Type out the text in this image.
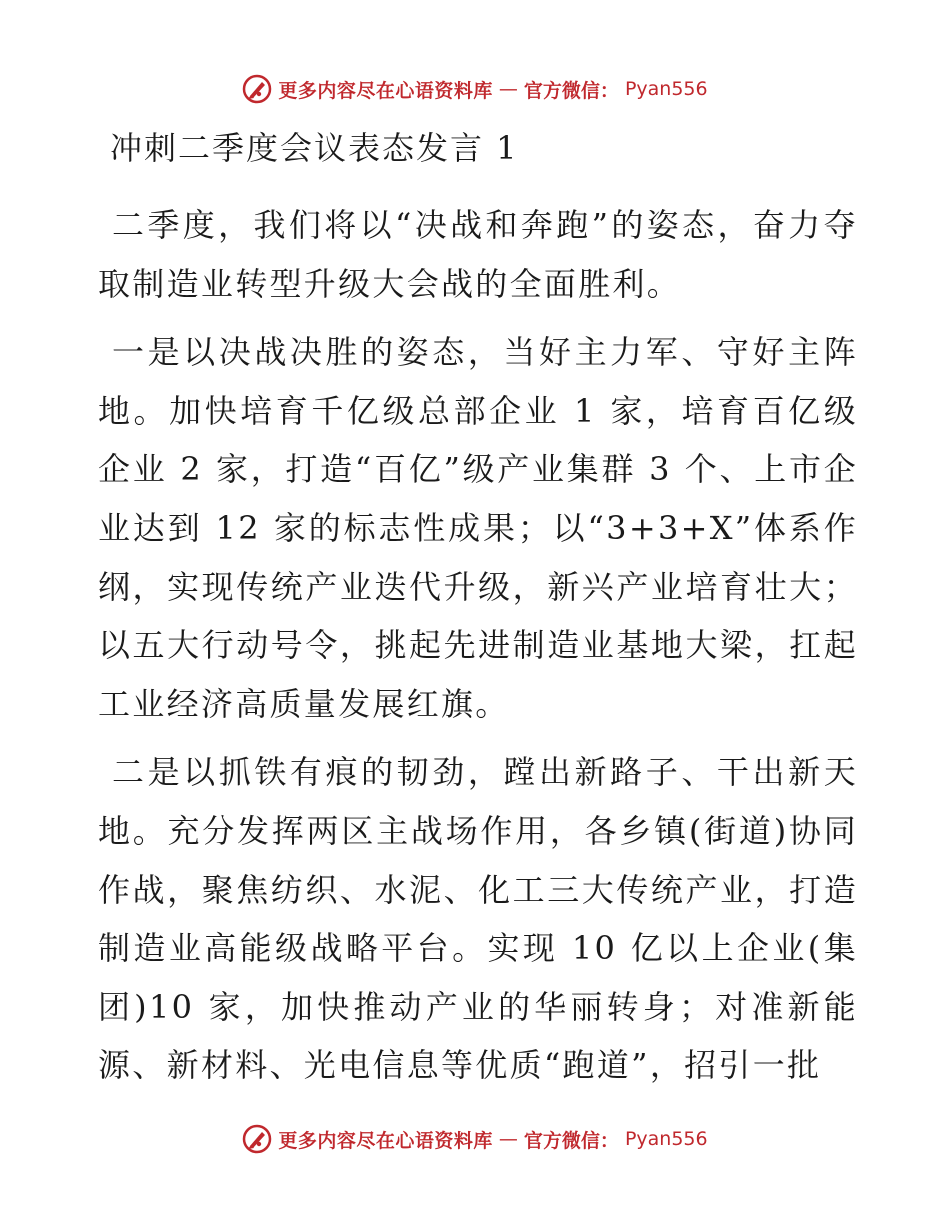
更多内容尽在心语资料库 — 官方微信： Pyan556
冲刺二季度会议表态发言 1

二季度，我们将以“决战和奔跑”的姿态，奋力夺取制造业转型升级大会战的全面胜利。

一是以决战决胜的姿态，当好主力军、守好主阵地。加快培育千亿级总部企业 1 家，培育百亿级企业 2 家，打造“百亿”级产业集群 3 个、上市企业达到 12 家的标志性成果；以“3+3+X”体系作纲，实现传统产业迭代升级，新兴产业培育壮大；以五大行动号令，挑起先进制造业基地大梁，扛起工业经济高质量发展红旗。

二是以抓铁有痕的韧劲，蹚出新路子、干出新天地。充分发挥两区主战场作用，各乡镇(街道)协同作战，聚焦纺织、水泥、化工三大传统产业，打造制造业高能级战略平台。实现 10 亿以上企业(集团)10 家，加快推动产业的华丽转身；对准新能源、新材料、光电信息等优质“跑道”，招引一批

更多内容尽在心语资料库 — 官方微信： Pyan556
